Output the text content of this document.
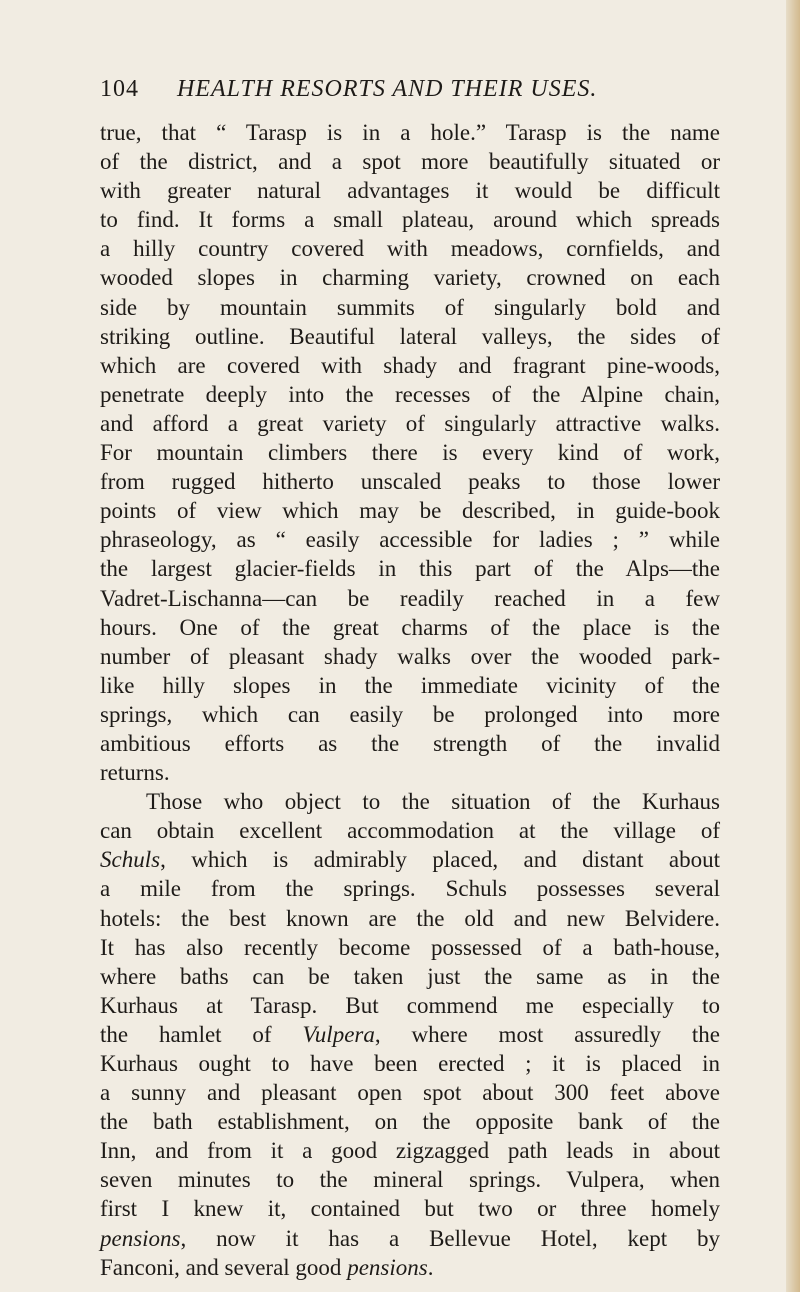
104 HEALTH RESORTS AND THEIR USES.
true, that “ Tarasp is in a hole.” Tarasp is the name
of the district, and a spot more beautifully situated or
with greater natural advantages it would be difficult
to find. It forms a small plateau, around which spreads
a hilly country covered with meadows, cornfields, and
wooded slopes in charming variety, crowned on each
side by mountain summits of singularly bold and
striking outline. Beautiful lateral valleys, the sides of
which are covered with shady and fragrant pine-woods,
penetrate deeply into the recesses of the Alpine chain,
and afford a great variety of singularly attractive walks.
For mountain climbers there is every kind of work,
from rugged hitherto unscaled peaks to those lower
points of view which may be described, in guide-book
phraseology, as “ easily accessible for ladies ; ” while
the largest glacier-fields in this part of the Alps—the
Vadret-Lischanna—can be readily reached in a few
hours. One of the great charms of the place is the
number of pleasant shady walks over the wooded park-
like hilly slopes in the immediate vicinity of the
springs, which can easily be prolonged into more
ambitious efforts as the strength of the invalid
returns.
Those who object to the situation of the Kurhaus
can obtain excellent accommodation at the village of
Schuls, which is admirably placed, and distant about
a mile from the springs. Schuls possesses several
hotels: the best known are the old and new Belvidere.
It has also recently become possessed of a bath-house,
where baths can be taken just the same as in the
Kurhaus at Tarasp. But commend me especially to
the hamlet of Vulpera, where most assuredly the
Kurhaus ought to have been erected ; it is placed in
a sunny and pleasant open spot about 300 feet above
the bath establishment, on the opposite bank of the
Inn, and from it a good zigzagged path leads in about
seven minutes to the mineral springs. Vulpera, when
first I knew it, contained but two or three homely
pensions, now it has a Bellevue Hotel, kept by
Fanconi, and several good pensions.
